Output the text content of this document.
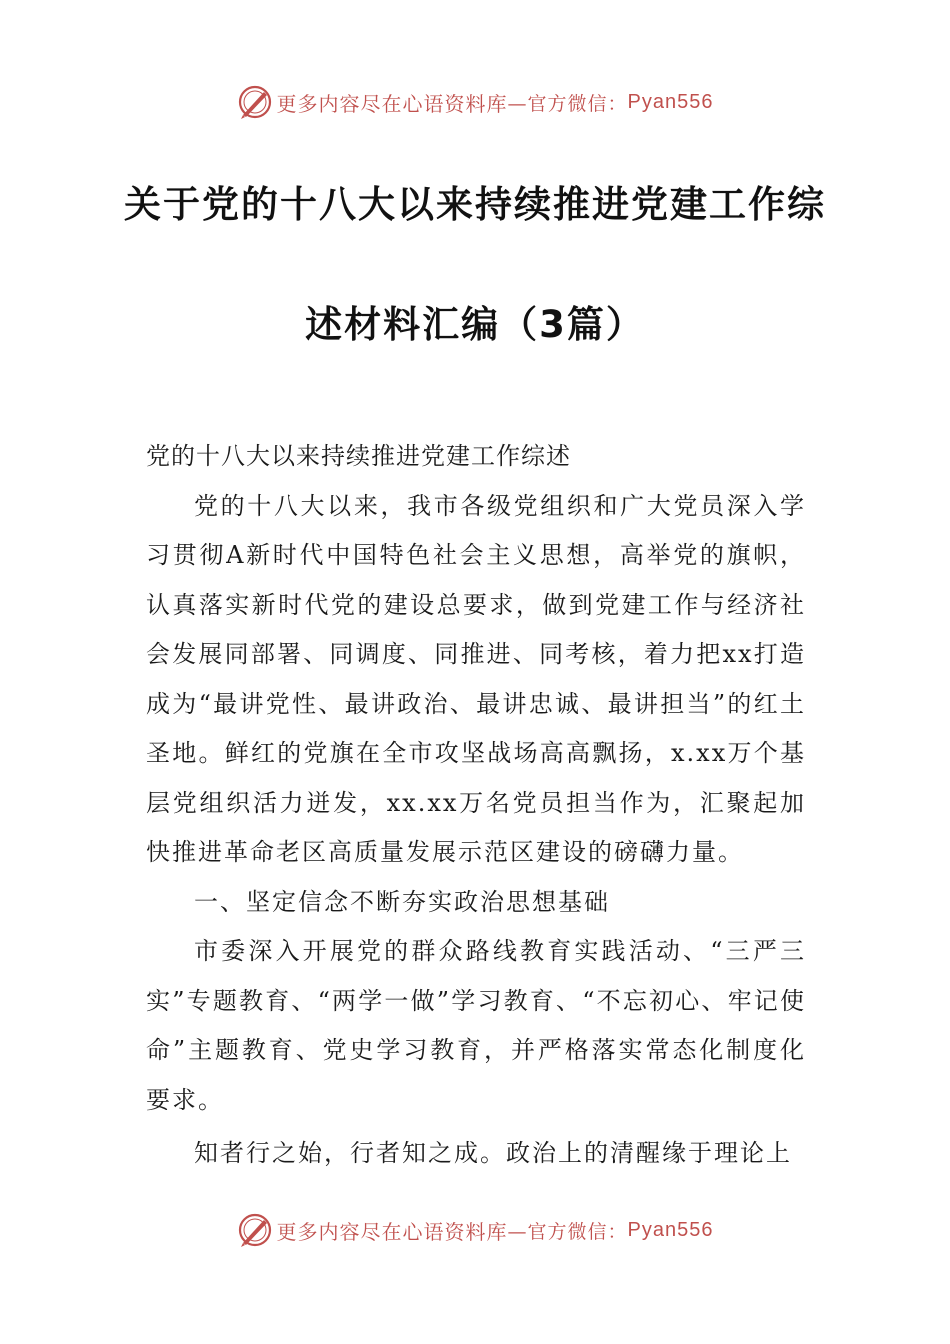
更多内容尽在心语资料库 —官方微信： Pyan556
关于党的十八大以来持续推进党建工作综
述材料汇编（3篇）

党的十八大以来持续推进党建工作综述

党的十八大以来，我市各级党组织和广大党员深入学习贯彻A新时代中国特色社会主义思想，高举党的旗帜，认真落实新时代党的建设总要求，做到党建工作与经济社会发展同部署、同调度、同推进、同考核，着力把xx打造成为“最讲党性、最讲政治、最讲忠诚、最讲担当”的红土圣地。鲜红的党旗在全市攻坚战场高高飘扬，x.xx万个基层党组织活力迸发，xx.xx万名党员担当作为，汇聚起加快推进革命老区高质量发展示范区建设的磅礴力量。

一、坚定信念不断夯实政治思想基础

市委深入开展党的群众路线教育实践活动、“三严三实”专题教育、“两学一做”学习教育、“不忘初心、牢记使命”主题教育、党史学习教育，并严格落实常态化制度化要求。

知者行之始，行者知之成。政治上的清醒缘于理论上

更多内容尽在心语资料库 —官方微信： Pyan556
